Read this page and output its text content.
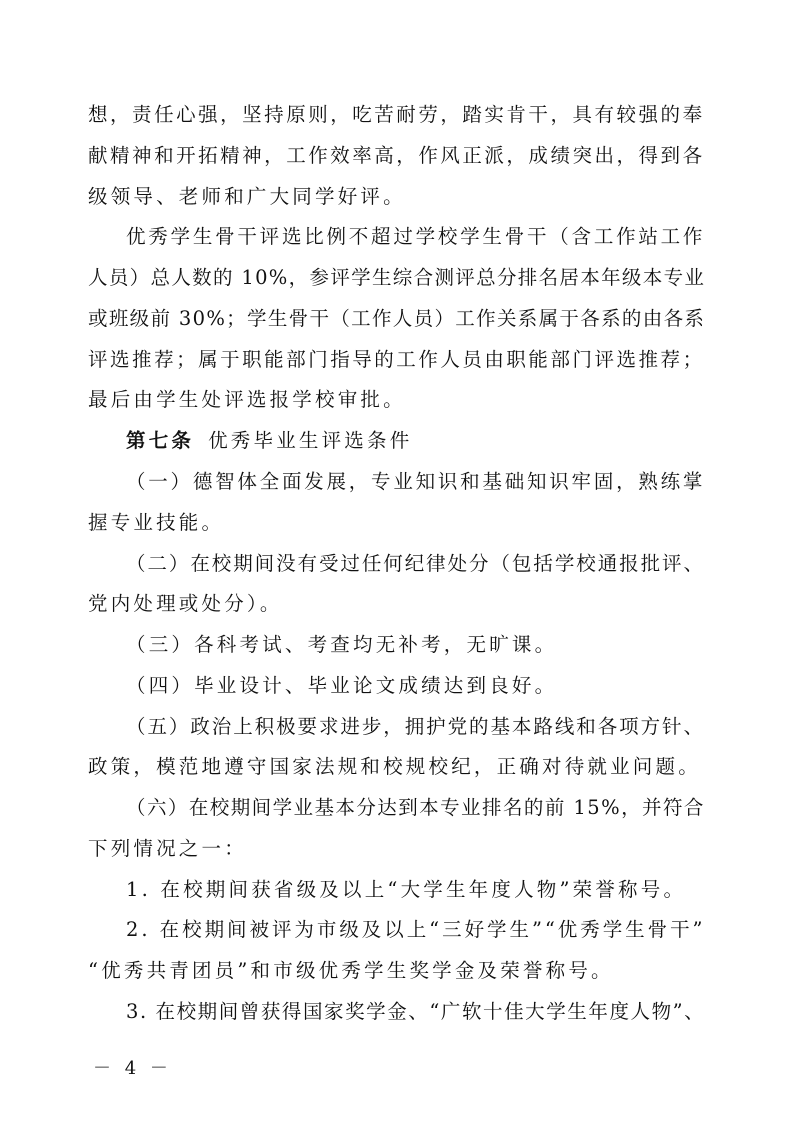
想，责任心强，坚持原则，吃苦耐劳，踏实肯干，具有较强的奉
献精神和开拓精神，工作效率高，作风正派，成绩突出，得到各
级领导、老师和广大同学好评。
优秀学生骨干评选比例不超过学校学生骨干（含工作站工作
人员）总人数的 10%，参评学生综合测评总分排名居本年级本专业
或班级前 30%；学生骨干（工作人员）工作关系属于各系的由各系
评选推荐；属于职能部门指导的工作人员由职能部门评选推荐；
最后由学生处评选报学校审批。
第七条 优秀毕业生评选条件
（一）德智体全面发展，专业知识和基础知识牢固，熟练掌
握专业技能。
（二）在校期间没有受过任何纪律处分（包括学校通报批评、
党内处理或处分）。
（三）各科考试、考查均无补考，无旷课。
（四）毕业设计、毕业论文成绩达到良好。
（五）政治上积极要求进步，拥护党的基本路线和各项方针、
政策，模范地遵守国家法规和校规校纪，正确对待就业问题。
（六）在校期间学业基本分达到本专业排名的前 15%，并符合
下列情况之一：
1. 在校期间获省级及以上“大学生年度人物”荣誉称号。
2. 在校期间被评为市级及以上“三好学生”“优秀学生骨干”
“优秀共青团员”和市级优秀学生奖学金及荣誉称号。
3. 在校期间曾获得国家奖学金、“广软十佳大学生年度人物”、
－ 4 －
